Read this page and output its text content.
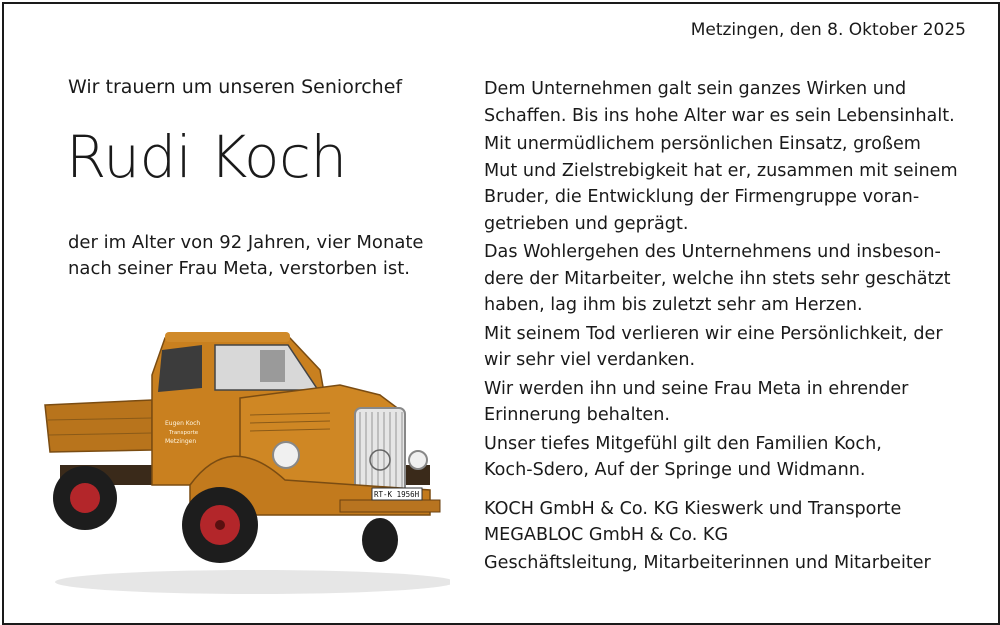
Metzingen, den 8. Oktober 2025
Wir trauern um unseren Seniorchef
Rudi Koch
der im Alter von 92 Jahren, vier Monate
nach seiner Frau Meta, verstorben ist.
Eugen Koch
Transporte
Metzingen
RT-K 1956H

Dem Unternehmen galt sein ganzes Wirken und
Schaffen. Bis ins hohe Alter war es sein Lebensinhalt.

Mit unermüdlichem persönlichen Einsatz, großem
Mut und Zielstrebigkeit hat er, zusammen mit seinem
Bruder, die Entwicklung der Firmengruppe voran-
getrieben und geprägt.

Das Wohlergehen des Unternehmens und insbeson-
dere der Mitarbeiter, welche ihn stets sehr geschätzt
haben, lag ihm bis zuletzt sehr am Herzen.

Mit seinem Tod verlieren wir eine Persönlichkeit, der
wir sehr viel verdanken.

Wir werden ihn und seine Frau Meta in ehrender
Erinnerung behalten.

Unser tiefes Mitgefühl gilt den Familien Koch,
Koch-Sdero, Auf der Springe und Widmann.

KOCH GmbH & Co. KG Kieswerk und Transporte
MEGABLOC GmbH & Co. KG
Geschäftsleitung, Mitarbeiterinnen und Mitarbeiter
